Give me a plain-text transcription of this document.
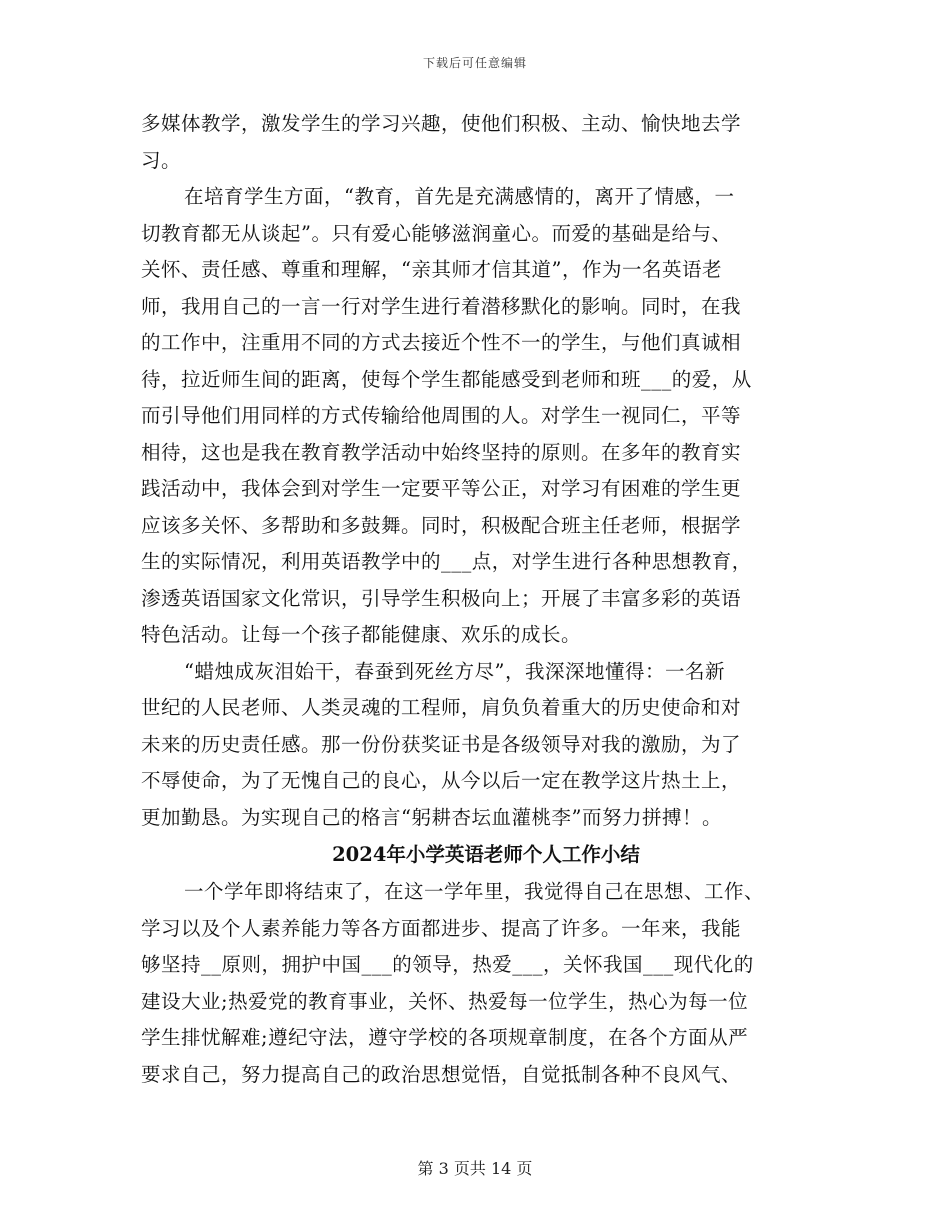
下载后可任意编辑
多媒体教学，激发学生的学习兴趣，使他们积极、主动、愉快地去学
习。
在培育学生方面，“教育，首先是充满感情的，离开了情感，一
切教育都无从谈起”。只有爱心能够滋润童心。而爱的基础是给与、
关怀、责任感、尊重和理解，“亲其师才信其道”，作为一名英语老
师，我用自己的一言一行对学生进行着潜移默化的影响。同时，在我
的工作中，注重用不同的方式去接近个性不一的学生，与他们真诚相
待，拉近师生间的距离，使每个学生都能感受到老师和班___的爱，从
而引导他们用同样的方式传输给他周围的人。对学生一视同仁，平等
相待，这也是我在教育教学活动中始终坚持的原则。在多年的教育实
践活动中，我体会到对学生一定要平等公正，对学习有困难的学生更
应该多关怀、多帮助和多鼓舞。同时，积极配合班主任老师，根据学
生的实际情况，利用英语教学中的___点，对学生进行各种思想教育，
渗透英语国家文化常识，引导学生积极向上；开展了丰富多彩的英语
特色活动。让每一个孩子都能健康、欢乐的成长。
“蜡烛成灰泪始干，春蚕到死丝方尽”，我深深地懂得：一名新
世纪的人民老师、人类灵魂的工程师，肩负负着重大的历史使命和对
未来的历史责任感。那一份份获奖证书是各级领导对我的激励，为了
不辱使命，为了无愧自己的良心，从今以后一定在教学这片热土上，
更加勤恳。为实现自己的格言“躬耕杏坛血灌桃李”而努力拼搏！。
2024年小学英语老师个人工作小结
一个学年即将结束了，在这一学年里，我觉得自己在思想、工作、
学习以及个人素养能力等各方面都进步、提高了许多。一年来，我能
够坚持__原则，拥护中国___的领导，热爱___，关怀我国___现代化的
建设大业;热爱党的教育事业，关怀、热爱每一位学生，热心为每一位
学生排忧解难;遵纪守法，遵守学校的各项规章制度，在各个方面从严
要求自己，努力提高自己的政治思想觉悟，自觉抵制各种不良风气、
第 3 页共 14 页
